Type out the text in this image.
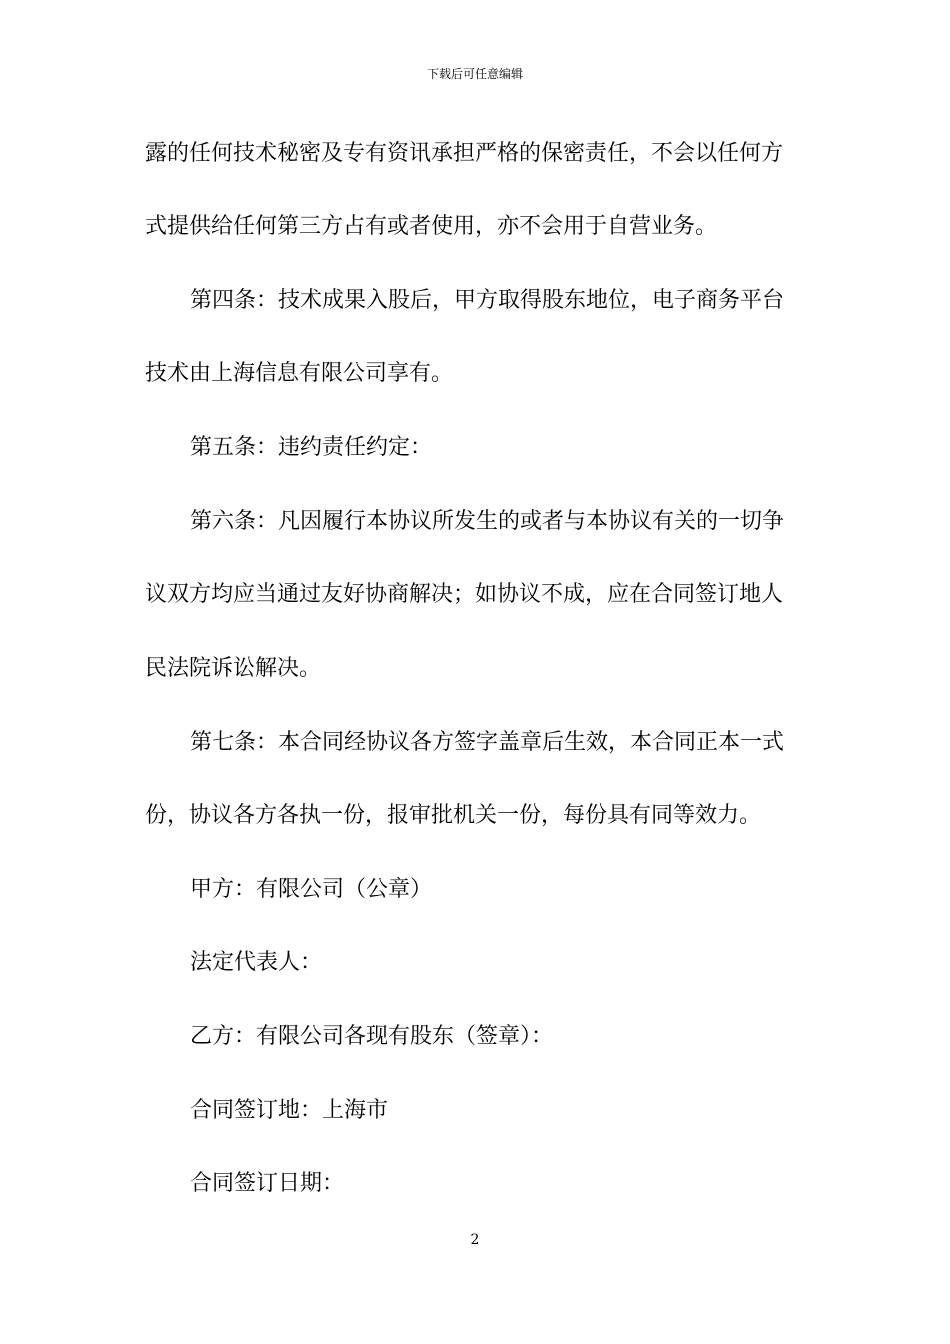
下载后可任意编辑
露的任何技术秘密及专有资讯承担严格的保密责任，不会以任何方
式提供给任何第三方占有或者使用，亦不会用于自营业务。
第四条：技术成果入股后，甲方取得股东地位，电子商务平台
技术由上海信息有限公司享有。
第五条：违约责任约定：
第六条：凡因履行本协议所发生的或者与本协议有关的一切争
议双方均应当通过友好协商解决；如协议不成，应在合同签订地人
民法院诉讼解决。
第七条：本合同经协议各方签字盖章后生效，本合同正本一式
份，协议各方各执一份，报审批机关一份，每份具有同等效力。
甲方：有限公司（公章）
法定代表人：
乙方：有限公司各现有股东（签章）：
合同签订地：上海市
合同签订日期：
2
